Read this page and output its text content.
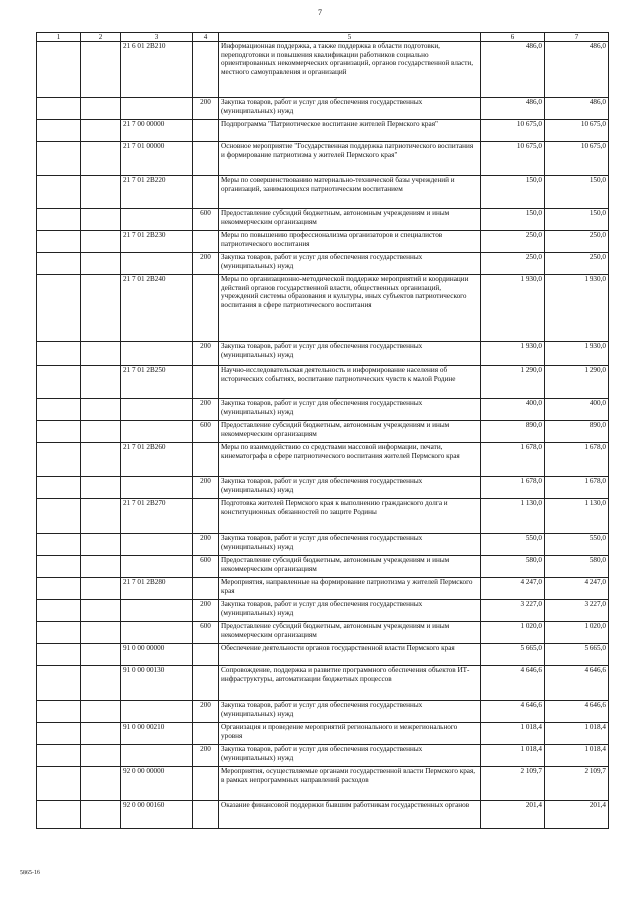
7
1	2	3	4	5	6	7
		21 6 01 2В210		Информационная поддержка, а также поддержка в области подготовки, переподготовки и повышения квалификации работников социально ориентированных некоммерческих организаций, органов государственной власти, местного самоуправления и организаций	486,0	486,0
			200	Закупка товаров, работ и услуг для обеспечения государственных (муниципальных) нужд	486,0	486,0
		21 7 00 00000		Подпрограмма "Патриотическое воспитание жителей Пермского края"	10 675,0	10 675,0
		21 7 01 00000		Основное мероприятие "Государственная поддержка патриотического воспитания и формирование патриотизма у жителей Пермского края"	10 675,0	10 675,0
		21 7 01 2В220		Меры по совершенствованию материально-технической базы учреждений и организаций, занимающихся патриотическим воспитанием	150,0	150,0
			600	Предоставление субсидий бюджетным, автономным учреждениям и иным некоммерческим организациям	150,0	150,0
		21 7 01 2В230		Меры по повышению профессионализма организаторов и специалистов патриотического воспитания	250,0	250,0
			200	Закупка товаров, работ и услуг для обеспечения государственных (муниципальных) нужд	250,0	250,0
		21 7 01 2В240		Меры по организационно-методической поддержке мероприятий и координации действий органов государственной власти, общественных организаций, учреждений системы образования и культуры, иных субъектов патриотического воспитания в сфере патриотического воспитания	1 930,0	1 930,0
			200	Закупка товаров, работ и услуг для обеспечения государственных (муниципальных) нужд	1 930,0	1 930,0
		21 7 01 2В250		Научно-исследовательская деятельность и информирование населения об исторических событиях, воспитание патриотических чувств к малой Родине	1 290,0	1 290,0
			200	Закупка товаров, работ и услуг для обеспечения государственных (муниципальных) нужд	400,0	400,0
			600	Предоставление субсидий бюджетным, автономным учреждениям и иным некоммерческим организациям	890,0	890,0
		21 7 01 2В260		Меры по взаимодействию со средствами массовой информации, печати, кинематографа в сфере патриотического воспитания жителей Пермского края	1 678,0	1 678,0
			200	Закупка товаров, работ и услуг для обеспечения государственных (муниципальных) нужд	1 678,0	1 678,0
		21 7 01 2В270		Подготовка жителей Пермского края к выполнению гражданского долга и конституционных обязанностей по защите Родины	1 130,0	1 130,0
			200	Закупка товаров, работ и услуг для обеспечения государственных (муниципальных) нужд	550,0	550,0
			600	Предоставление субсидий бюджетным, автономным учреждениям и иным некоммерческим организациям	580,0	580,0
		21 7 01 2В280		Мероприятия, направленные на формирование патриотизма у жителей Пермского края	4 247,0	4 247,0
			200	Закупка товаров, работ и услуг для обеспечения государственных (муниципальных) нужд	3 227,0	3 227,0
			600	Предоставление субсидий бюджетным, автономным учреждениям и иным некоммерческим организациям	1 020,0	1 020,0
		91 0 00 00000		Обеспечение деятельности органов государственной власти Пермского края	5 665,0	5 665,0
		91 0 00 00130		Сопровождение, поддержка и развитие программного обеспечения объектов ИТ-инфраструктуры, автоматизации бюджетных процессов	4 646,6	4 646,6
			200	Закупка товаров, работ и услуг для обеспечения государственных (муниципальных) нужд	4 646,6	4 646,6
		91 0 00 00210		Организация и проведение мероприятий регионального и межрегионального уровня	1 018,4	1 018,4
			200	Закупка товаров, работ и услуг для обеспечения государственных (муниципальных) нужд	1 018,4	1 018,4
		92 0 00 00000		Мероприятия, осуществляемые органами государственной власти Пермского края, в рамках непрограммных направлений расходов	2 109,7	2 109,7
		92 0 00 00160		Оказание финансовой поддержки бывшим работникам государственных органов	201,4	201,4
5865-16
